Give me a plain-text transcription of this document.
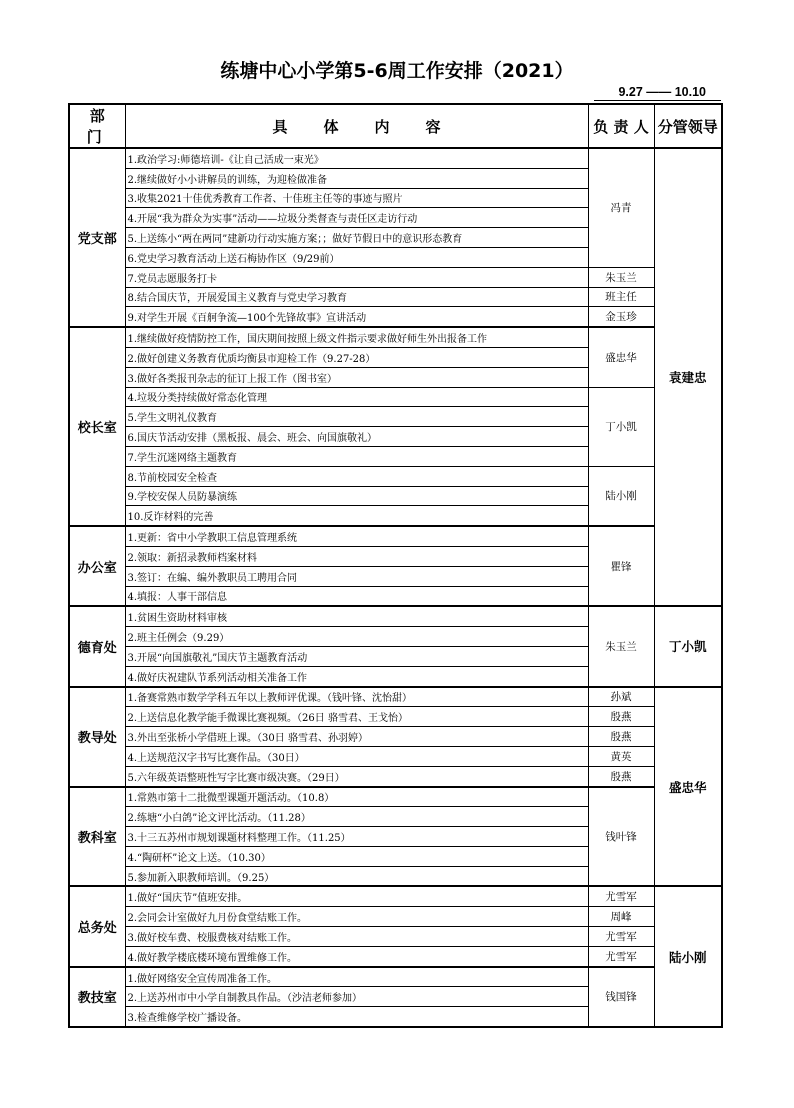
练塘中心小学第5-6周工作安排（2021）
9.27 —— 10.10
部 门	具体内容	负 责 人	分管领导
党支部	1.政治学习:师德培训-《让自己活成一束光》	冯青	袁建忠
	2.继续做好小小讲解员的训练，为迎检做准备		
	3.收集2021十佳优秀教育工作者、十佳班主任等的事迹与照片		
	4.开展“我为群众为实事”活动——垃圾分类督查与责任区走访行动		
	5.上送练小“两在两同”建新功行动实施方案；；做好节假日中的意识形态教育		
	6.党史学习教育活动上送石梅协作区（9/29前）		
	7.党员志愿服务打卡	朱玉兰	
	8.结合国庆节，开展爱国主义教育与党史学习教育	班主任	
	9.对学生开展《百舸争流—100个先锋故事》宣讲活动	金玉珍	
校长室	1.继续做好疫情防控工作，国庆期间按照上级文件指示要求做好师生外出报备工作	盛忠华	
	2.做好创建义务教育优质均衡县市迎检工作（9.27-28）		
	3.做好各类报刊杂志的征订上报工作（图书室）		
	4.垃圾分类持续做好常态化管理	丁小凯	
	5.学生文明礼仪教育		
	6.国庆节活动安排（黑板报、晨会、班会、向国旗敬礼）		
	7.学生沉迷网络主题教育		
	8.节前校园安全检查	陆小刚	
	9.学校安保人员防暴演练		
	10.反诈材料的完善		
办公室	1.更新：省中小学教职工信息管理系统	瞿锋	
	2.领取：新招录教师档案材料		
	3.签订：在编、编外教职员工聘用合同		
	4.填报：人事干部信息		
德育处	1.贫困生资助材料审核	朱玉兰	丁小凯
	2.班主任例会（9.29）		
	3.开展“向国旗敬礼”国庆节主题教育活动		
	4.做好庆祝建队节系列活动相关准备工作		
教导处	1.备赛常熟市数学学科五年以上教师评优课。（钱叶锋、沈怡甜）	孙斌	盛忠华
	2.上送信息化教学能手微课比赛视频。（26日 骆雪君、王戈怡）	殷燕	
	3.外出至张桥小学借班上课。（30日 骆雪君、孙羽婷）	殷燕	
	4.上送规范汉字书写比赛作品。（30日）	黄英	
	5.六年级英语整班性写字比赛市级决赛。（29日）	殷燕	
教科室	1.常熟市第十二批微型课题开题活动。（10.8）	钱叶锋	
	2.练塘“小白鸽”论文评比活动。（11.28）		
	3.十三五苏州市规划课题材料整理工作。（11.25）		
	4.“陶研杯”论文上送。（10.30）		
	5.参加新入职教师培训。（9.25）		
总务处	1.做好“国庆节”值班安排。	尤雪军	陆小刚
	2.会同会计室做好九月份食堂结账工作。	周峰	
	3.做好校车费、校服费核对结账工作。	尤雪军	
	4.做好教学楼底楼环境布置维修工作。	尤雪军	
教技室	1.做好网络安全宣传周准备工作。	钱国锋	
	2.上送苏州市中小学自制教具作品。（沙洁老师参加）		
	3.检查维修学校广播设备。		
